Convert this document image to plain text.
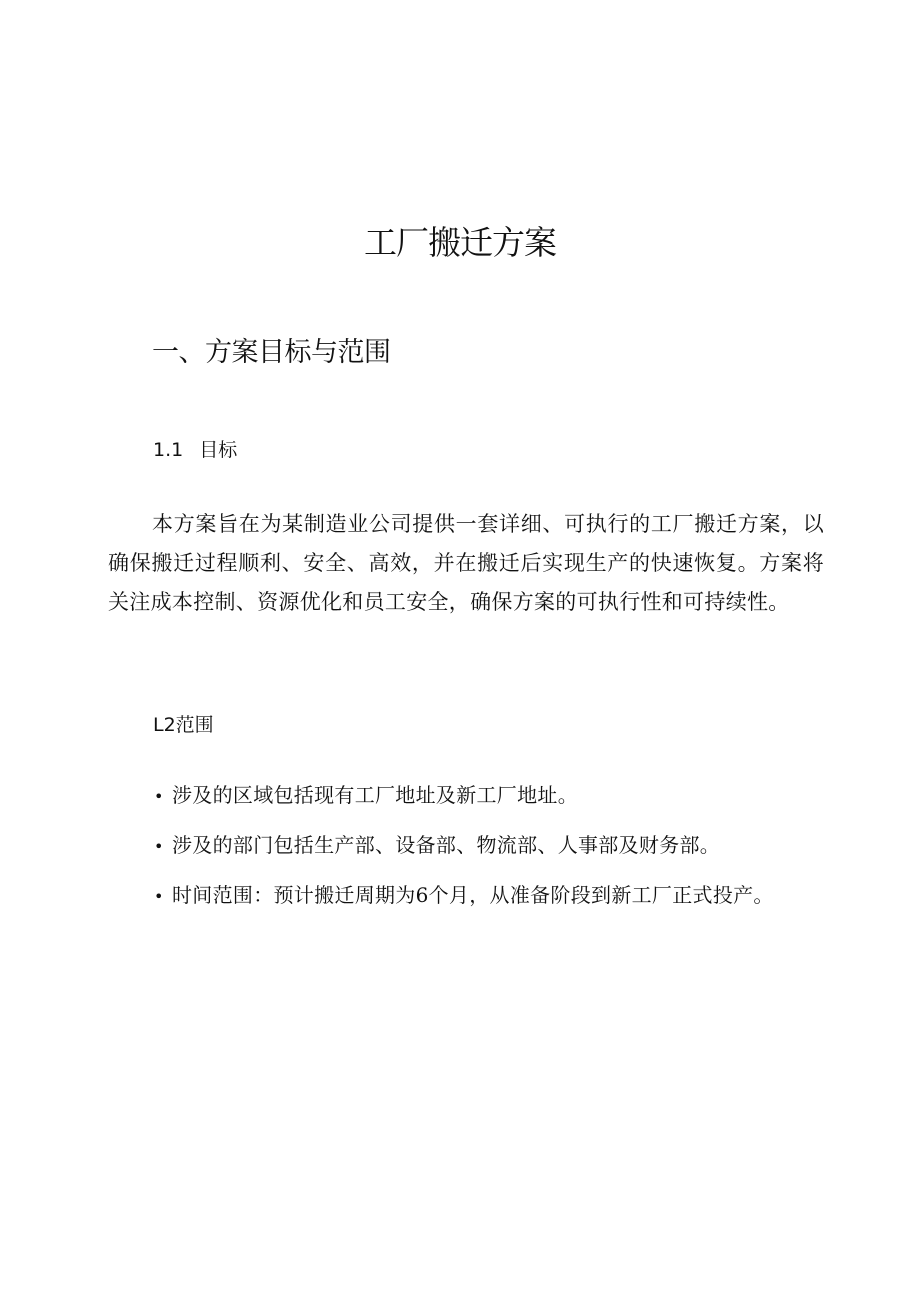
工厂搬迁方案
一、方案目标与范围
1.1 目标

本方案旨在为某制造业公司提供一套详细、可执行的工厂搬迁方案，以确保搬迁过程顺利、安全、高效，并在搬迁后实现生产的快速恢复。方案将关注成本控制、资源优化和员工安全，确保方案的可执行性和可持续性。

L2范围
• 涉及的区域包括现有工厂地址及新工厂地址。
• 涉及的部门包括生产部、设备部、物流部、人事部及财务部。
• 时间范围：预计搬迁周期为6个月，从准备阶段到新工厂正式投产。
